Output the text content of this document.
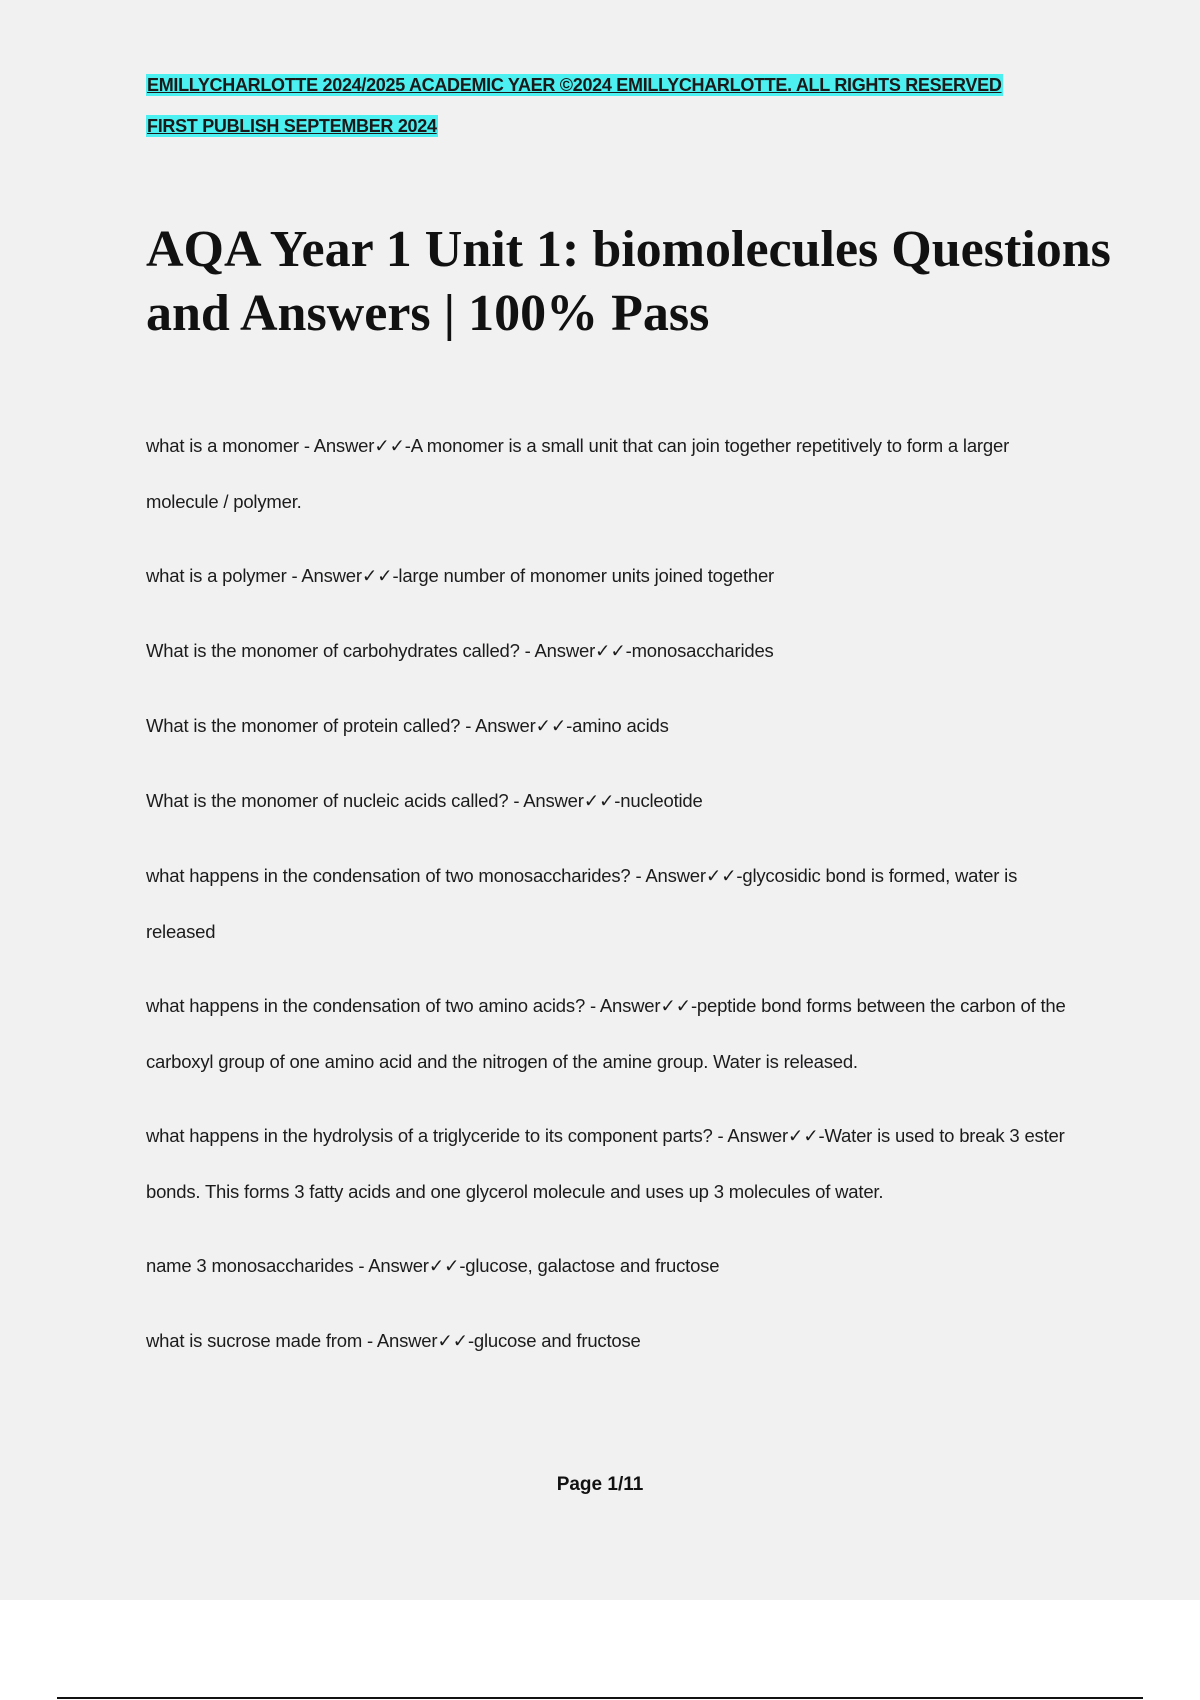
EMILLYCHARLOTTE 2024/2025 ACADEMIC YAER ©2024 EMILLYCHARLOTTE. ALL RIGHTS RESERVED
FIRST PUBLISH SEPTEMBER 2024
AQA Year 1 Unit 1: biomolecules Questions and Answers | 100% Pass

what is a monomer - Answer✓✓-A monomer is a small unit that can join together repetitively to form a larger molecule / polymer.

what is a polymer - Answer✓✓-large number of monomer units joined together

What is the monomer of carbohydrates called? - Answer✓✓-monosaccharides

What is the monomer of protein called? - Answer✓✓-amino acids

What is the monomer of nucleic acids called? - Answer✓✓-nucleotide

what happens in the condensation of two monosaccharides? - Answer✓✓-glycosidic bond is formed, water is released

what happens in the condensation of two amino acids? - Answer✓✓-peptide bond forms between the carbon of the carboxyl group of one amino acid and the nitrogen of the amine group. Water is released.

what happens in the hydrolysis of a triglyceride to its component parts? - Answer✓✓-Water is used to break 3 ester bonds. This forms 3 fatty acids and one glycerol molecule and uses up 3 molecules of water.

name 3 monosaccharides - Answer✓✓-glucose, galactose and fructose

what is sucrose made from - Answer✓✓-glucose and fructose

Page 1/11
